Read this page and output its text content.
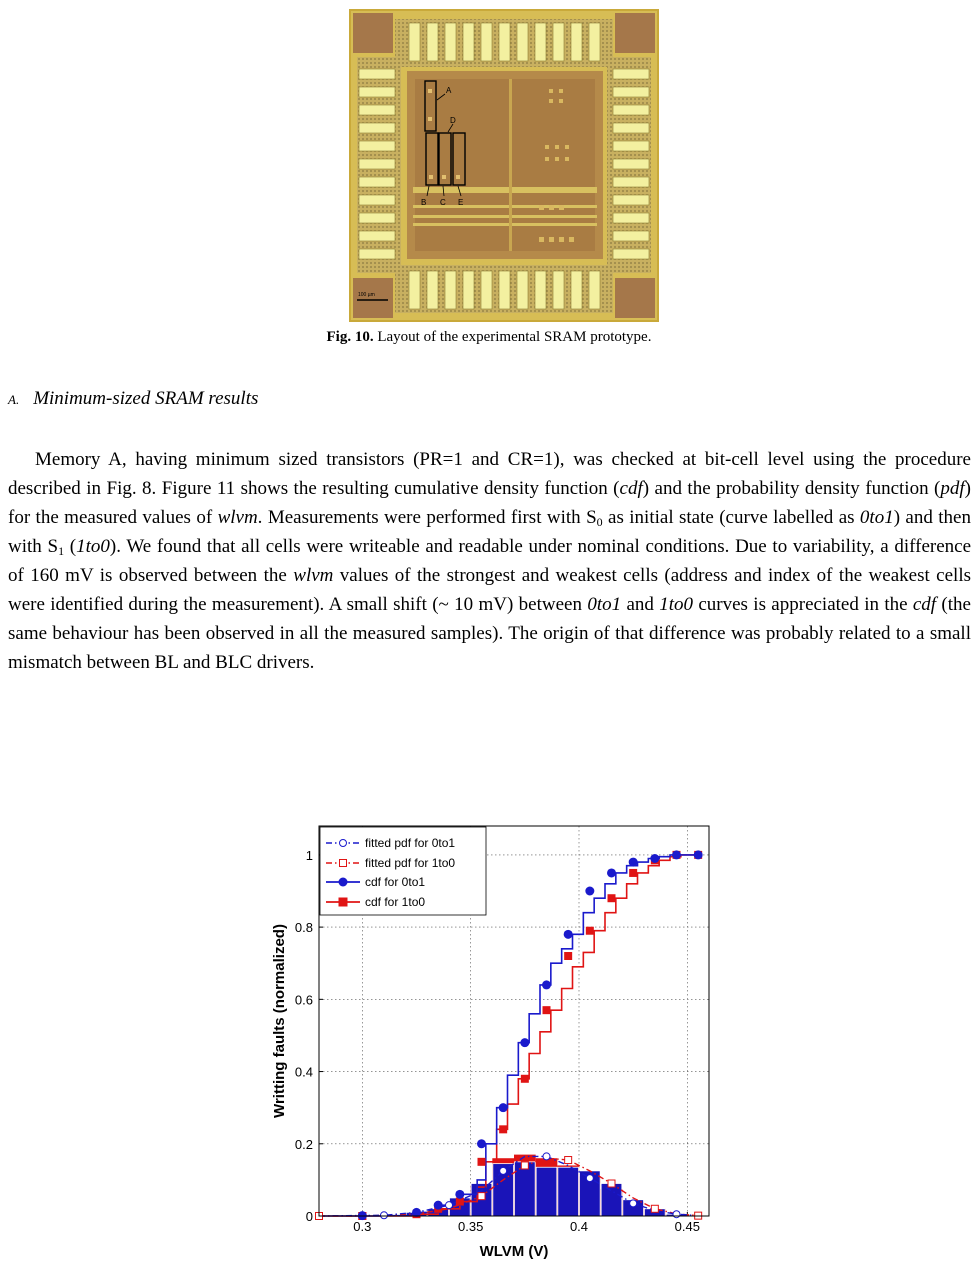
A
D
B C E
100 µm
Fig. 10. Layout of the experimental SRAM prototype.
A. Minimum-sized SRAM results
Memory A, having minimum sized transistors (PR=1 and CR=1), was checked at bit-cell level using the procedure described in Fig. 8. Figure 11 shows the resulting cumulative density function (cdf) and the probability density function (pdf) for the measured values of wlvm. Measurements were performed first with $S_0$ as initial state (curve labelled as 0to1) and then with $S_1$ (1to0). We found that all cells were writeable and readable under nominal conditions. Due to variability, a difference of 160 mV is observed between the wlvm values of the strongest and weakest cells (address and index of the weakest cells were identified during the measurement). A small shift (~ 10 mV) between 0to1 and 1to0 curves is appreciated in the cdf (the same behaviour has been observed in all the measured samples). The origin of that difference was probably related to a small mismatch between BL and BLC drivers.
0.3	0.35	0.4	0.45
0
0.2
0.4
0.6
0.8
1
WLVM (V)
Writting faults (normalized)
fitted pdf for 0to1
fitted pdf for 1to0
cdf for 0to1
cdf for 1to0
